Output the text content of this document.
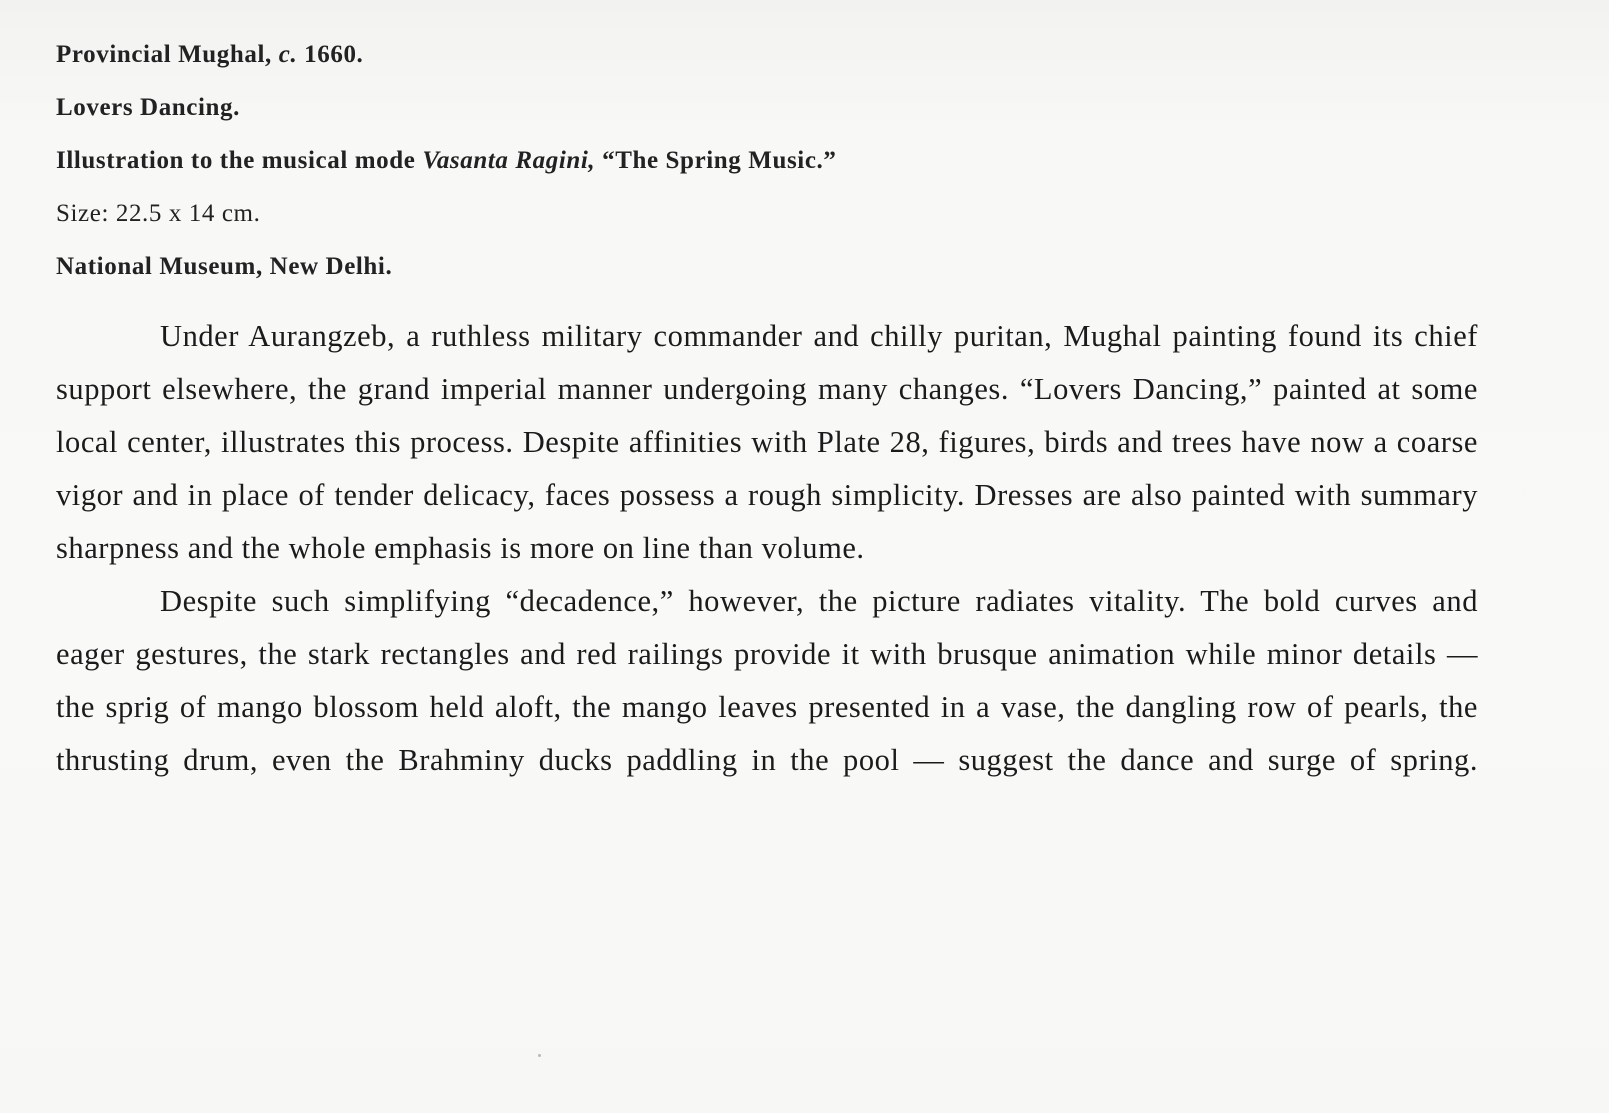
Provincial Mughal, c. 1660.
Lovers Dancing.
Illustration to the musical mode Vasanta Ragini, “The Spring Music.”
Size: 22.5 x 14 cm.
National Museum, New Delhi.

Under Aurangzeb, a ruthless military commander and chilly puritan, Mughal painting found its chief support elsewhere, the grand imperial manner undergoing many changes. “Lovers Dancing,” painted at some local center, illustrates this process. Despite affinities with Plate 28, figures, birds and trees have now a coarse vigor and in place of tender delicacy, faces possess a rough simplicity. Dresses are also painted with summary sharpness and the whole emphasis is more on line than volume.

Despite such simplifying “decadence,” however, the picture radiates vitality. The bold curves and eager gestures, the stark rectangles and red railings provide it with brusque animation while minor details — the sprig of mango blossom held aloft, the mango leaves presented in a vase, the dangling row of pearls, the thrusting drum, even the Brahminy ducks paddling in the pool — suggest the dance and surge of spring.
